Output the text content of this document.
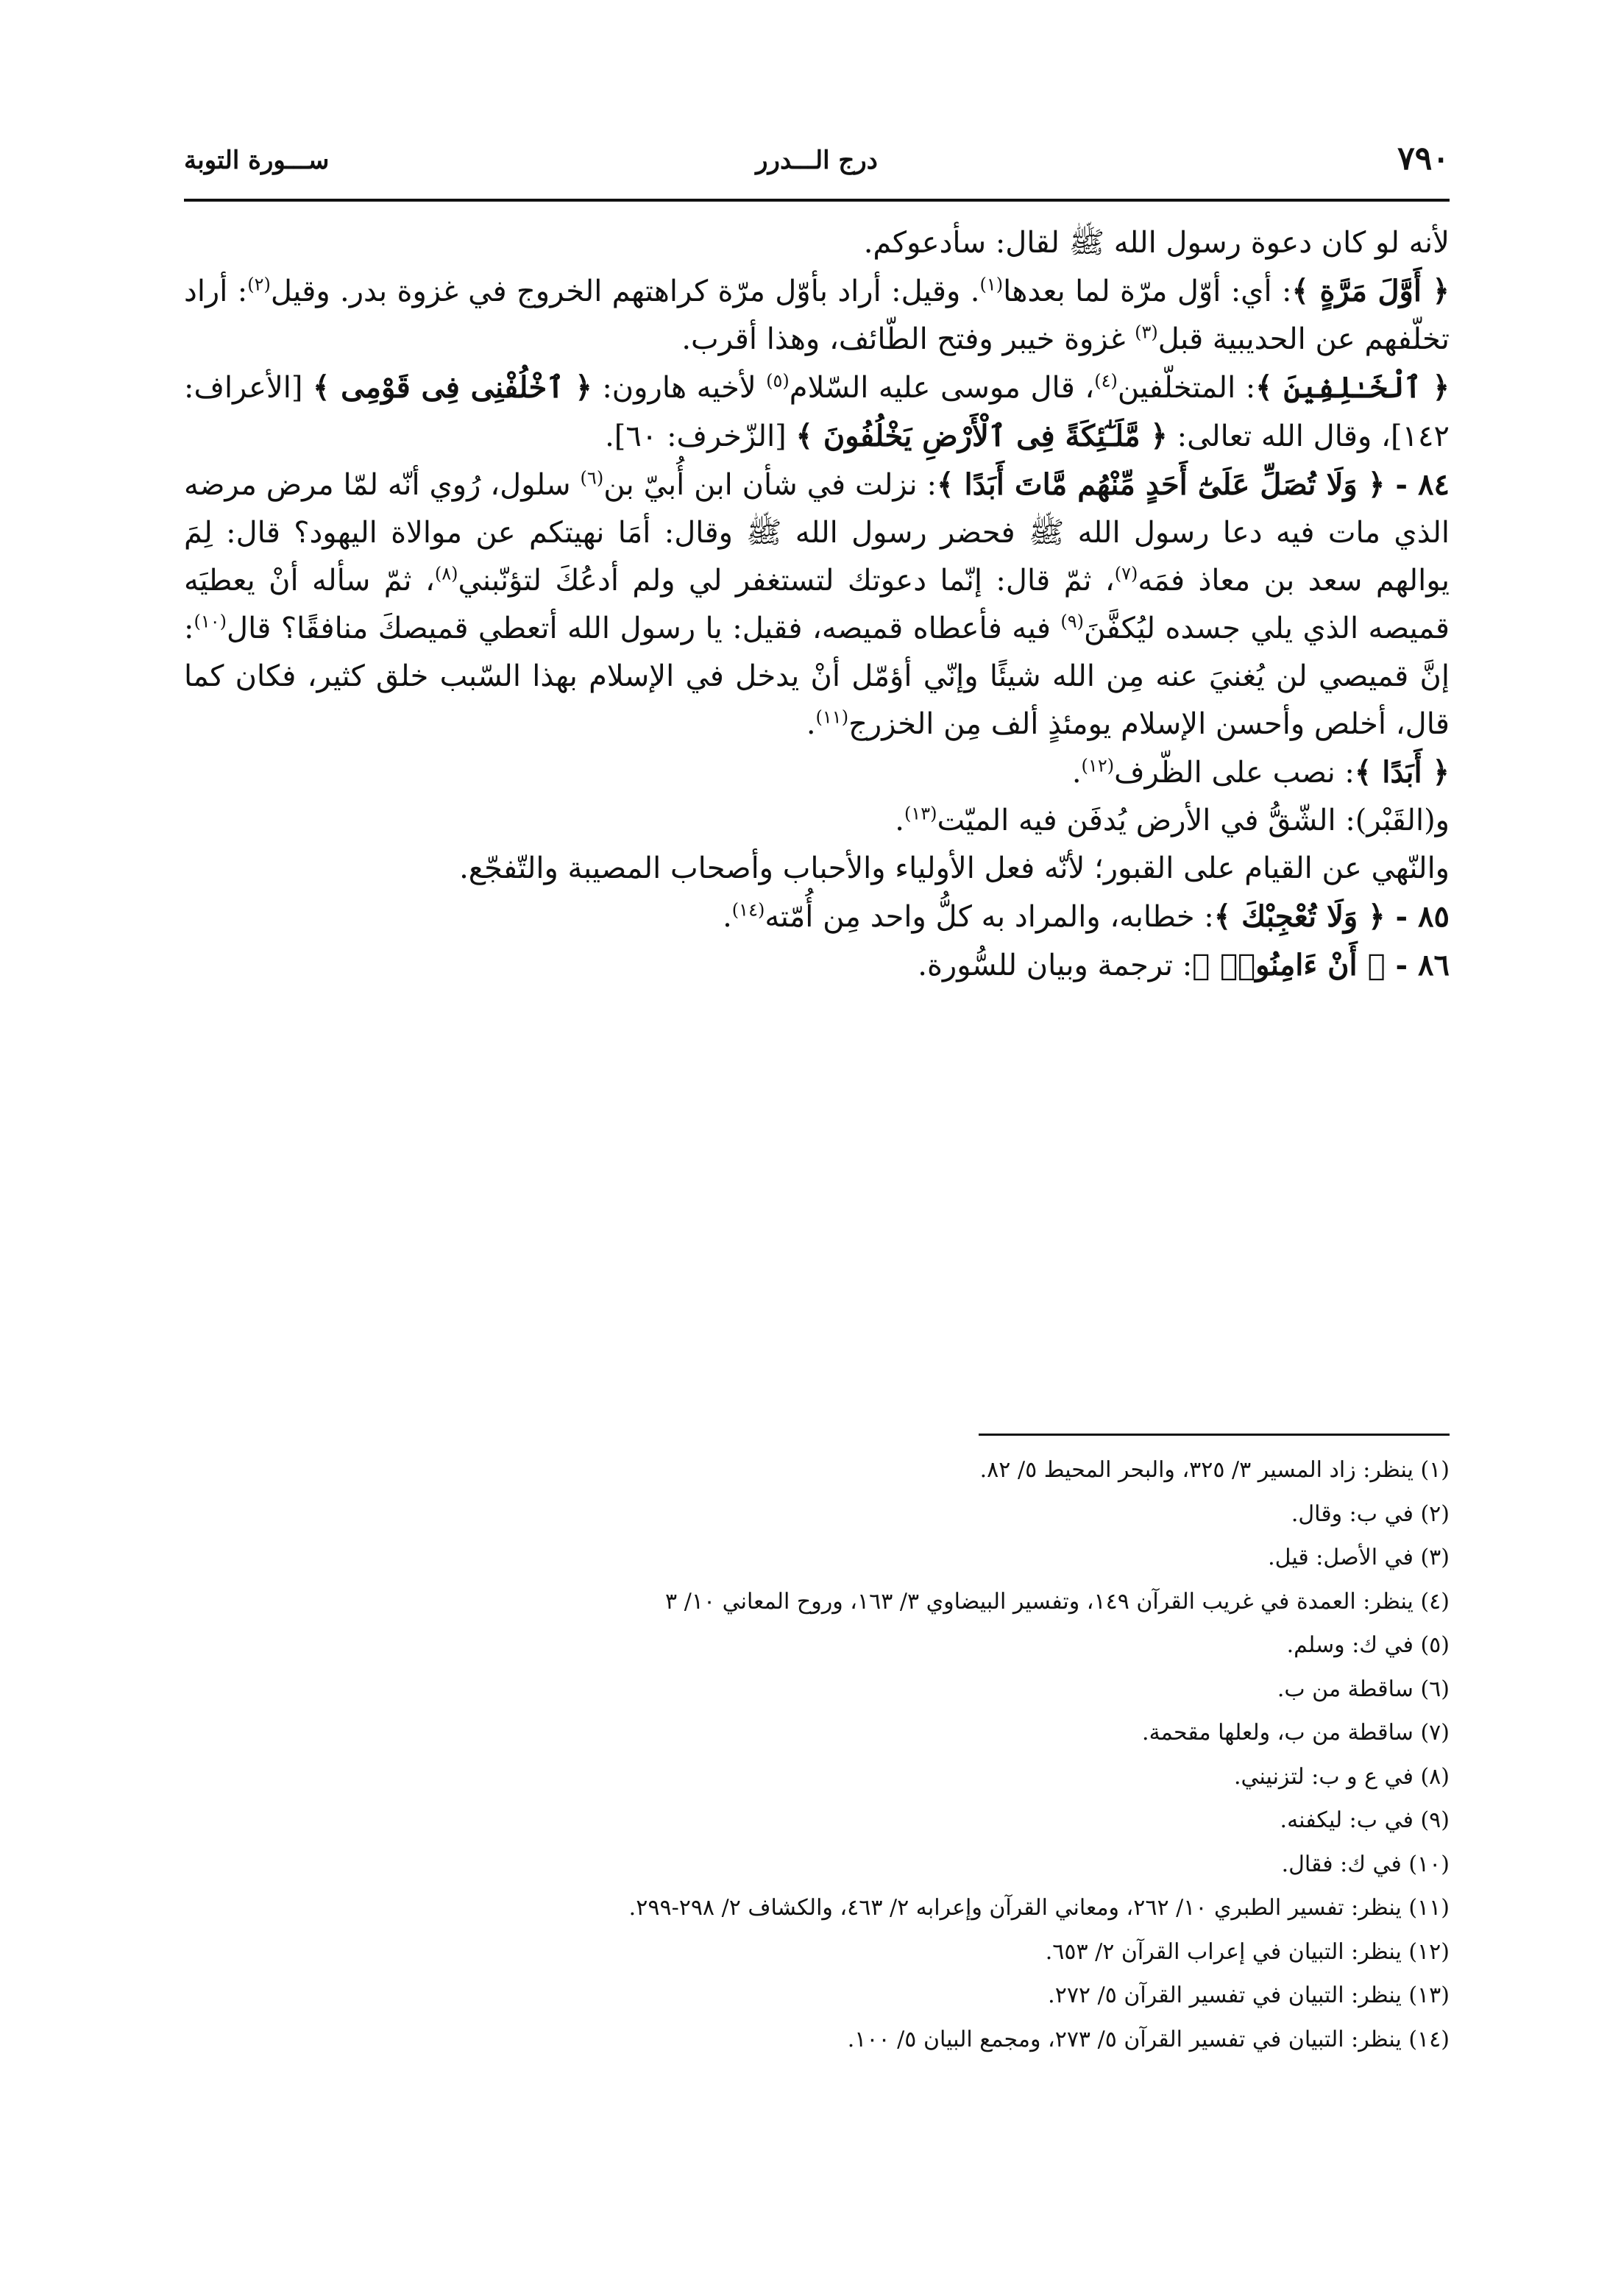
٧٩٠
درج الـــدرر
ســـورة التوبة

لأنه لو كان دعوة رسول الله ﷺ لقال: سأدعوكم.

﴿ أَوَّلَ مَرَّةٍ ﴾: أي: أوّل مرّة لما بعدها$^{(١)}$. وقيل: أراد بأوّل مرّة كراهتهم الخروج في غزوة بدر. وقيل$^{(٢)}$: أراد تخلّفهم عن الحديبية قبل$^{(٣)}$ غزوة خيبر وفتح الطّائف، وهذا أقرب.

﴿ ٱلْخَـٰلِفِينَ ﴾: المتخلّفين$^{(٤)}$، قال موسى عليه السّلام$^{(٥)}$ لأخيه هارون: ﴿ ٱخْلُفْنِى فِى قَوْمِى ﴾ [الأعراف: ١٤٢]، وقال الله تعالى: ﴿ مَّلَـٰٓئِكَةً فِى ٱلْأَرْضِ يَخْلُفُونَ ﴾ [الزّخرف: ٦٠].

٨٤ - ﴿ وَلَا تُصَلِّ عَلَىٰٓ أَحَدٍ مِّنْهُم مَّاتَ أَبَدًا ﴾: نزلت في شأن ابن أُبيّ بن$^{(٦)}$ سلول، رُوي أنّه لمّا مرض مرضه الذي مات فيه دعا رسول الله ﷺ فحضر رسول الله ﷺ وقال: أمَا نهيتكم عن موالاة اليهود؟ قال: لِمَ يوالهم سعد بن معاذ فمَه$^{(٧)}$، ثمّ قال: إنّما دعوتك لتستغفر لي ولم أدعُكَ لتؤنّبني$^{(٨)}$، ثمّ سأله أنْ يعطيَه قميصه الذي يلي جسده ليُكفَّنَ$^{(٩)}$ فيه فأعطاه قميصه، فقيل: يا رسول الله أتعطي قميصكَ منافقًا؟ قال$^{(١٠)}$: إنَّ قميصي لن يُغنيَ عنه مِن الله شيئًا وإنّي أؤمّل أنْ يدخل في الإسلام بهذا السّبب خلق كثير، فكان كما قال، أخلص وأحسن الإسلام يومئذٍ ألف مِن الخزرج$^{(١١)}$.

﴿ أَبَدًا ﴾: نصب على الظّرف$^{(١٢)}$.

و(القَبْر): الشّقُّ في الأرض يُدفَن فيه الميّت$^{(١٣)}$.

والنّهي عن القيام على القبور؛ لأنّه فعل الأولياء والأحباب وأصحاب المصيبة والتّفجّع.

٨٥ - ﴿ وَلَا تُعْجِبْكَ ﴾: خطابه، والمراد به كلُّ واحد مِن أُمّته$^{(١٤)}$.

٨٦ - ﴿ أَنْ ءَامِنُوا۟ ﴾: ترجمة وبيان للسُّورة.

(١) ينظر: زاد المسير ٣/ ٣٢٥، والبحر المحيط ٥/ ٨٢.
(٢) في ب: وقال.
(٣) في الأصل: قيل.
(٤) ينظر: العمدة في غريب القرآن ١٤٩، وتفسير البيضاوي ٣/ ١٦٣، وروح المعاني ١٠/ ٣
(٥) في ك: وسلم.
(٦) ساقطة من ب.
(٧) ساقطة من ب، ولعلها مقحمة.
(٨) في ع و ب: لتزنيني.
(٩) في ب: ليكفنه.
(١٠) في ك: فقال.
(١١) ينظر: تفسير الطبري ١٠/ ٢٦٢، ومعاني القرآن وإعرابه ٢/ ٤٦٣، والكشاف ٢/ ٢٩٨-٢٩٩.
(١٢) ينظر: التبيان في إعراب القرآن ٢/ ٦٥٣.
(١٣) ينظر: التبيان في تفسير القرآن ٥/ ٢٧٢.
(١٤) ينظر: التبيان في تفسير القرآن ٥/ ٢٧٣، ومجمع البيان ٥/ ١٠٠.
